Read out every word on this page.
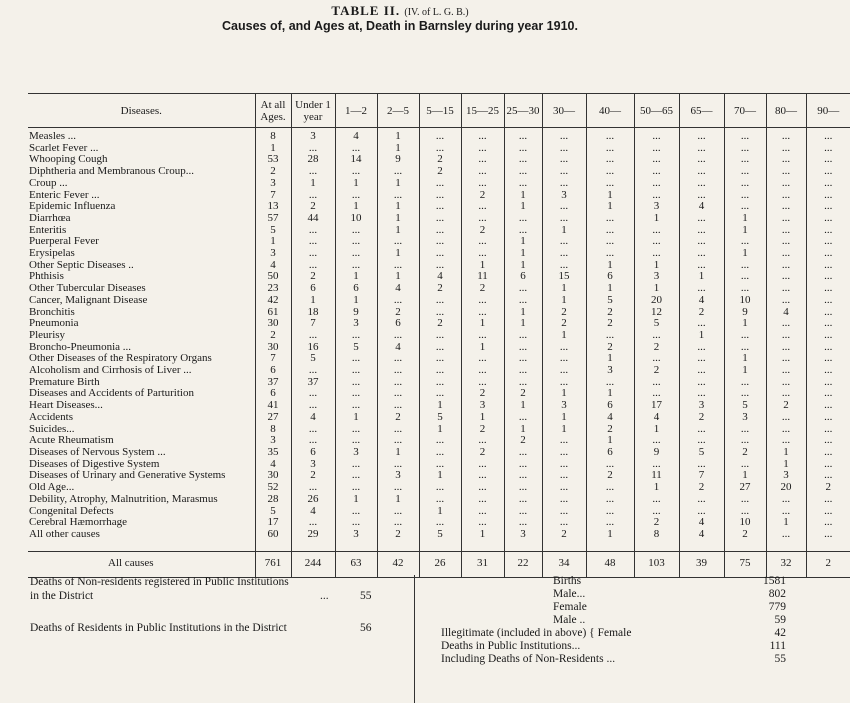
TABLE II. (IV. of L. G. B.)
Causes of, and Ages at, Death in Barnsley during year 1910.
Diseases.	At all Ages.	Under 1 year	1—2	2—5	5—15	15—25	25—30	30—	40—	50—65	65—	70—	80—	90—
Measles ...	8	3	4	1	...	...	...	...	...	...	...	...	...	...
Scarlet Fever ...	1	...	...	1	...	...	...	...	...	...	...	...	...	...
Whooping Cough	53	28	14	9	2	...	...	...	...	...	...	...	...	...
Diphtheria and Membranous Croup...	2	...	...	...	2	...	...	...	...	...	...	...	...	...
Croup ...	3	1	1	1	...	...	...	...	...	...	...	...	...	...
Enteric Fever ...	7	...	...	...	...	2	1	3	1	...	...	...	...	...
Epidemic Influenza	13	2	1	1	...	...	1	...	1	3	4	...	...	...
Diarrhœa	57	44	10	1	...	...	...	...	...	1	...	1	...	...
Enteritis	5	...	...	1	...	2	...	1	...	...	...	1	...	...
Puerperal Fever	1	...	...	...	...	...	1	...	...	...	...	...	...	...
Erysipelas	3	...	...	1	...	...	1	...	...	...	...	1	...	...
Other Septic Diseases ..	4	...	...	...	...	1	1	...	1	1	...	...	...	...
Phthisis	50	2	1	1	4	11	6	15	6	3	1	...	...	...
Other Tubercular Diseases	23	6	6	4	2	2	...	1	1	1	...	...	...	...
Cancer, Malignant Disease	42	1	1	...	...	...	...	1	5	20	4	10	...	...
Bronchitis	61	18	9	2	...	...	1	2	2	12	2	9	4	...
Pneumonia	30	7	3	6	2	1	1	2	2	5	...	1	...	...
Pleurisy	2	...	...	...	...	...	...	1	...	...	1	...	...	...
Broncho-Pneumonia ...	30	16	5	4	...	1	...	...	2	2	...	...	...	...
Other Diseases of the Respiratory Organs	7	5	...	...	...	...	...	...	1	...	...	1	...	...
Alcoholism and Cirrhosis of Liver ...	6	...	...	...	...	...	...	...	3	2	...	1	...	...
Premature Birth	37	37	...	...	...	...	...	...	...	...	...	...	...	...
Diseases and Accidents of Parturition	6	...	...	...	...	2	2	1	1	...	...	...	...	...
Heart Diseases...	41	...	...	...	1	3	1	3	6	17	3	5	2	...
Accidents	27	4	1	2	5	1	...	1	4	4	2	3	...	...
Suicides...	8	...	...	...	1	2	1	1	2	1	...	...	...	...
Acute Rheumatism	3	...	...	...	...	...	2	...	1	...	...	...	...	...
Diseases of Nervous System ...	35	6	3	1	...	2	...	...	6	9	5	2	1	...
Diseases of Digestive System	4	3	...	...	...	...	...	...	...	...	...	...	1	...
Diseases of Urinary and Generative Systems	30	2	...	3	1	...	...	...	2	11	7	1	3	...
Old Age...	52	...	...	...	...	...	...	...	...	1	2	27	20	2
Debility, Atrophy, Malnutrition, Marasmus	28	26	1	1	...	...	...	...	...	...	...	...	...	...
Congenital Defects	5	4	...	...	1	...	...	...	...	...	...	...	...	...
Cerebral Hæmorrhage	17	...	...	...	...	...	...	...	...	2	4	10	1	...
All other causes	60	29	3	2	5	1	3	2	1	8	4	2	...	...

All causes	761	244	63	42	26	31	22	34	48	103	39	75	32	2
Deaths of Non-residents registered in Public Institutions
in the District	...	55
Deaths of Residents in Public Institutions in the District	56
Births	1581
Male...	802
Female	779
Male ..	59
Illegitimate (included in above) { Female	42
Deaths in Public Institutions...	111
Including Deaths of Non-Residents ...	55
